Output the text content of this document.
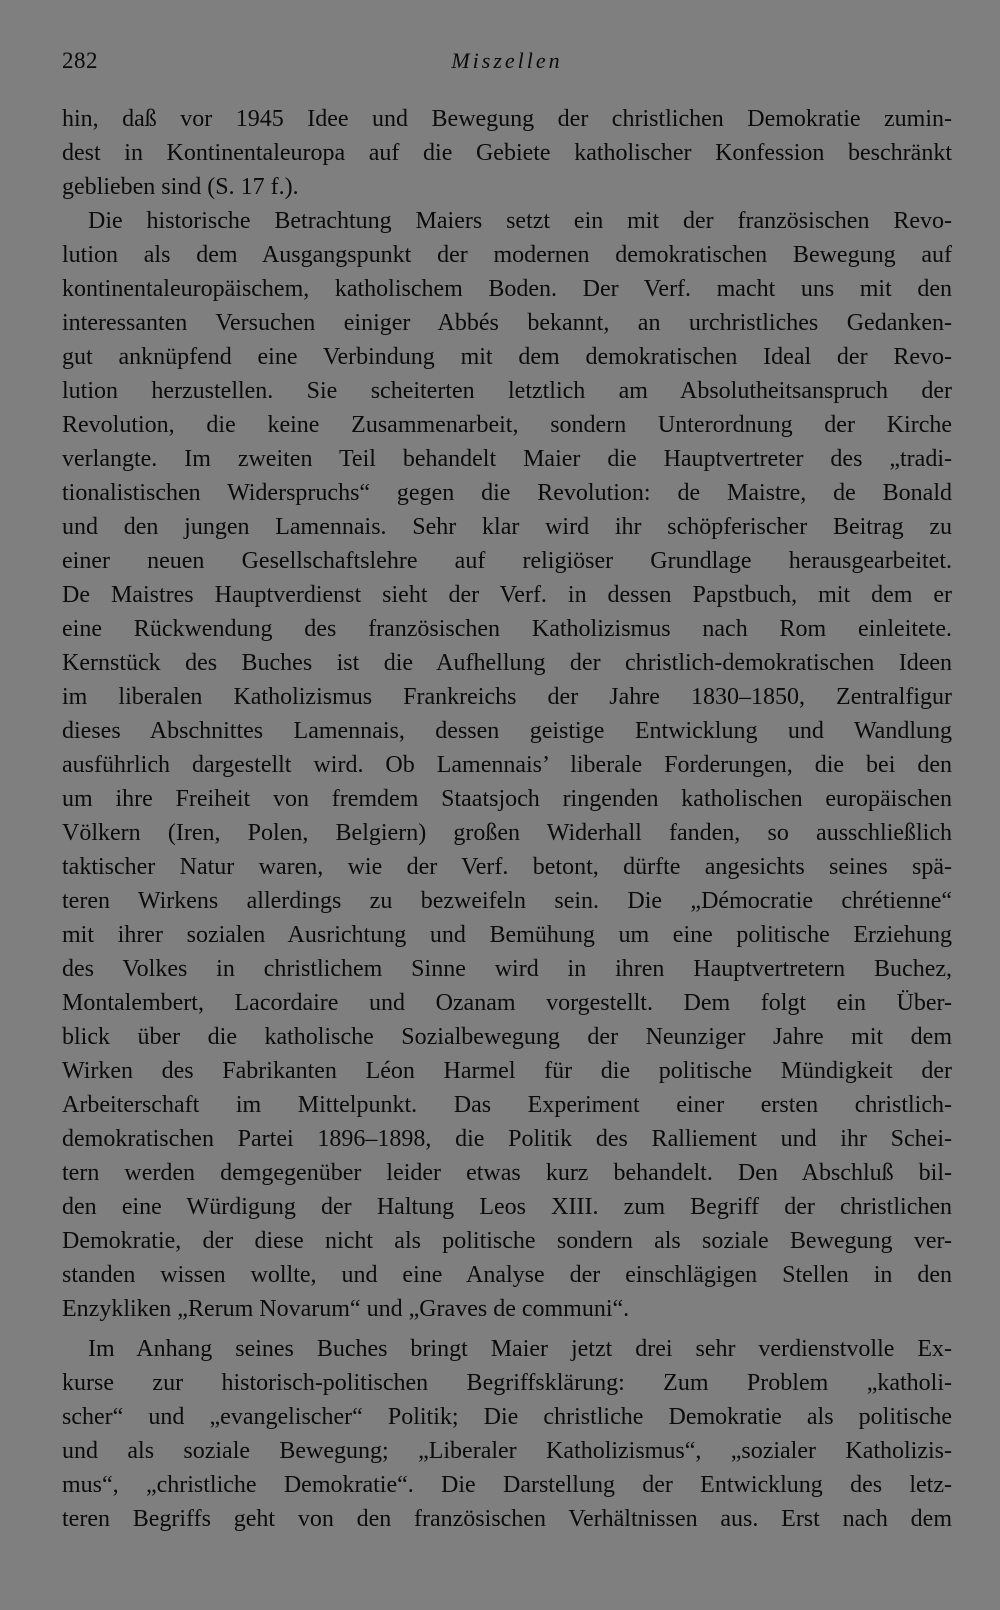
282	Miszellen
hin, daß vor 1945 Idee und Bewegung der christlichen Demokratie zumin-
dest in Kontinentaleuropa auf die Gebiete katholischer Konfession beschränkt
geblieben sind (S. 17 f.).
Die historische Betrachtung Maiers setzt ein mit der französischen Revo-
lution als dem Ausgangspunkt der modernen demokratischen Bewegung auf
kontinentaleuropäischem, katholischem Boden. Der Verf. macht uns mit den
interessanten Versuchen einiger Abbés bekannt, an urchristliches Gedanken-
gut anknüpfend eine Verbindung mit dem demokratischen Ideal der Revo-
lution herzustellen. Sie scheiterten letztlich am Absolutheitsanspruch der
Revolution, die keine Zusammenarbeit, sondern Unterordnung der Kirche
verlangte. Im zweiten Teil behandelt Maier die Hauptvertreter des „tradi-
tionalistischen Widerspruchs“ gegen die Revolution: de Maistre, de Bonald
und den jungen Lamennais. Sehr klar wird ihr schöpferischer Beitrag zu
einer neuen Gesellschaftslehre auf religiöser Grundlage herausgearbeitet.
De Maistres Hauptverdienst sieht der Verf. in dessen Papstbuch, mit dem er
eine Rückwendung des französischen Katholizismus nach Rom einleitete.
Kernstück des Buches ist die Aufhellung der christlich-demokratischen Ideen
im liberalen Katholizismus Frankreichs der Jahre 1830–1850, Zentralfigur
dieses Abschnittes Lamennais, dessen geistige Entwicklung und Wandlung
ausführlich dargestellt wird. Ob Lamennais’ liberale Forderungen, die bei den
um ihre Freiheit von fremdem Staatsjoch ringenden katholischen europäischen
Völkern (Iren, Polen, Belgiern) großen Widerhall fanden, so ausschließlich
taktischer Natur waren, wie der Verf. betont, dürfte angesichts seines spä-
teren Wirkens allerdings zu bezweifeln sein. Die „Démocratie chrétienne“
mit ihrer sozialen Ausrichtung und Bemühung um eine politische Erziehung
des Volkes in christlichem Sinne wird in ihren Hauptvertretern Buchez,
Montalembert, Lacordaire und Ozanam vorgestellt. Dem folgt ein Über-
blick über die katholische Sozialbewegung der Neunziger Jahre mit dem
Wirken des Fabrikanten Léon Harmel für die politische Mündigkeit der
Arbeiterschaft im Mittelpunkt. Das Experiment einer ersten christlich-
demokratischen Partei 1896–1898, die Politik des Ralliement und ihr Schei-
tern werden demgegenüber leider etwas kurz behandelt. Den Abschluß bil-
den eine Würdigung der Haltung Leos XIII. zum Begriff der christlichen
Demokratie, der diese nicht als politische sondern als soziale Bewegung ver-
standen wissen wollte, und eine Analyse der einschlägigen Stellen in den
Enzykliken „Rerum Novarum“ und „Graves de communi“.
Im Anhang seines Buches bringt Maier jetzt drei sehr verdienstvolle Ex-
kurse zur historisch-politischen Begriffsklärung: Zum Problem „katholi-
scher“ und „evangelischer“ Politik; Die christliche Demokratie als politische
und als soziale Bewegung; „Liberaler Katholizismus“, „sozialer Katholizis-
mus“, „christliche Demokratie“. Die Darstellung der Entwicklung des letz-
teren Begriffs geht von den französischen Verhältnissen aus. Erst nach dem
